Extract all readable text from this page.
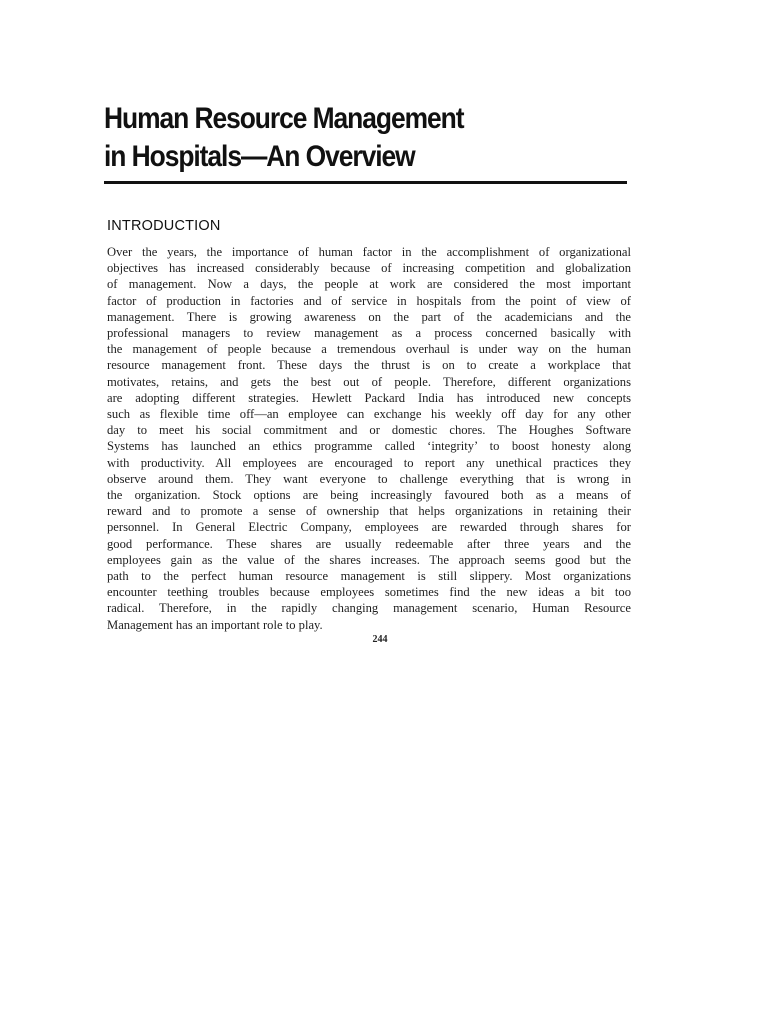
Human Resource Management
in Hospitals—An Overview
INTRODUCTION
Over the years, the importance of human factor in the accomplishment of organizational
objectives has increased considerably because of increasing competition and globalization
of management. Now a days, the people at work are considered the most important
factor of production in factories and of service in hospitals from the point of view of
management. There is growing awareness on the part of the academicians and the
professional managers to review management as a process concerned basically with
the management of people because a tremendous overhaul is under way on the human
resource management front. These days the thrust is on to create a workplace that
motivates, retains, and gets the best out of people. Therefore, different organizations
are adopting different strategies. Hewlett Packard India has introduced new concepts
such as flexible time off—an employee can exchange his weekly off day for any other
day to meet his social commitment and or domestic chores. The Houghes Software
Systems has launched an ethics programme called ‘integrity’ to boost honesty along
with productivity. All employees are encouraged to report any unethical practices they
observe around them. They want everyone to challenge everything that is wrong in
the organization. Stock options are being increasingly favoured both as a means of
reward and to promote a sense of ownership that helps organizations in retaining their
personnel. In General Electric Company, employees are rewarded through shares for
good performance. These shares are usually redeemable after three years and the
employees gain as the value of the shares increases. The approach seems good but the
path to the perfect human resource management is still slippery. Most organizations
encounter teething troubles because employees sometimes find the new ideas a bit too
radical. Therefore, in the rapidly changing management scenario, Human Resource
Management has an important role to play.

244
